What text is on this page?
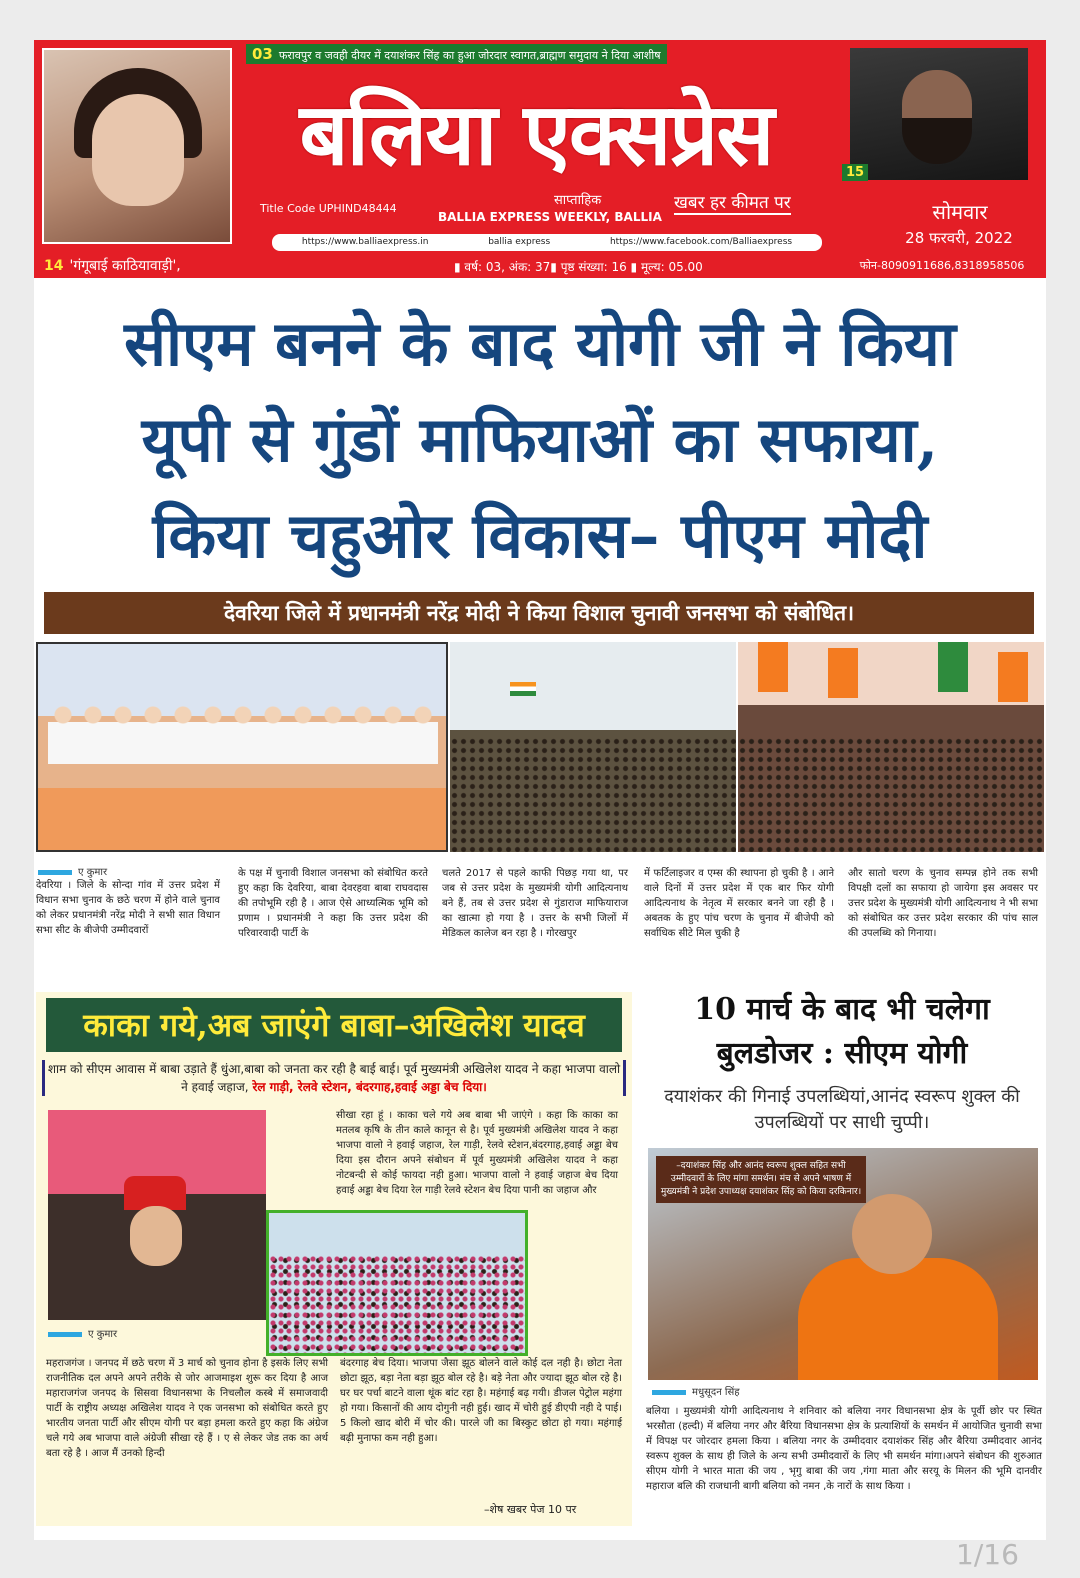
03 फरावपुर व जवही दीयर में दयाशंकर सिंह का हुआ जोरदार स्वागत,ब्राह्मण समुदाय ने दिया आशीष
बलिया एक्सप्रेस
Title Code UPHIND48444
साप्ताहिक
BALLIA EXPRESS WEEKLY, BALLIA
खबर हर कीमत पर
https://www.balliaexpress.in	ballia express	https://www.facebook.com/Balliaexpress
▮ वर्ष: 03, अंक: 37▮ पृष्ठ संख्या: 16 ▮ मूल्य: 05.00
14 'गंगूबाई काठियावाड़ी',
15
सोमवार
28 फरवरी, 2022
फोन-8090911686,8318958506
सीएम बनने के बाद योगी जी ने किया
यूपी से गुंडों माफियाओं का सफाया,
किया चहुओर विकास– पीएम मोदी
देवरिया जिले में प्रधानमंत्री नरेंद्र मोदी ने किया विशाल चुनावी जनसभा को संबोधित।
ए कुमार
देवरिया । जिले के सोन्दा गांव में उत्तर प्रदेश में विधान सभा चुनाव के छठे चरण में होने वाले चुनाव को लेकर प्रधानमंत्री नरेंद्र मोदी ने सभी सात विधान सभा सीट के बीजेपी उम्मीदवारों
के पक्ष में चुनावी विशाल जनसभा को संबोधित करते हुए कहा कि देवरिया, बाबा देवरहवा बाबा राघवदास की तपोभूमि रही है । आज ऐसे आध्यत्मिक भूमि को प्रणाम । प्रधानमंत्री ने कहा कि उत्तर प्रदेश की परिवारवादी पार्टी के
चलते 2017 से पहले काफी पिछड़ गया था, पर जब से उत्तर प्रदेश के मुख्यमंत्री योगी आदित्यनाथ बने हैं, तब से उत्तर प्रदेश से गुंडाराज माफियाराज का खात्मा हो गया है । उत्तर के सभी जिलों में मेडिकल कालेज बन रहा है । गोरखपुर
में फर्टिलाइजर व एम्स की स्थापना हो चुकी है । आने वाले दिनों में उत्तर प्रदेश में एक बार फिर योगी आदित्यनाथ के नेतृत्व में सरकार बनने जा रही है । अबतक के हुए पांच चरण के चुनाव में बीजेपी को सर्वाधिक सीटे मिल चुकी है
और सातो चरण के चुनाव सम्पन्न होने तक सभी विपक्षी दलों का सफाया हो जायेगा इस अवसर पर उत्तर प्रदेश के मुख्यमंत्री योगी आदित्यनाथ ने भी सभा को संबोधित कर उत्तर प्रदेश सरकार की पांच साल की उपलब्धि को गिनाया।
काका गये,अब जाएंगे बाबा–अखिलेश यादव
शाम को सीएम आवास में बाबा उड़ाते हैं धुंआ,बाबा को जनता कर रही है बाई बाई। पूर्व मुख्यमंत्री अखिलेश यादव ने कहा भाजपा वालो ने हवाई जहाज, रेल गाड़ी, रेलवे स्टेशन, बंदरगाह,हवाई अड्डा बेच दिया।
सीखा रहा हूं । काका चले गये अब बाबा भी जाएंगे । कहा कि काका का मतलब कृषि के तीन काले कानून से है। पूर्व मुख्यमंत्री अखिलेश यादव ने कहा भाजपा वालो ने हवाई जहाज, रेल गाड़ी, रेलवे स्टेशन,बंदरगाह,हवाई अड्डा बेच दिया इस दौरान अपने संबोधन में पूर्व मुख्यमंत्री अखिलेश यादव ने कहा नोटबन्दी से कोई फायदा नही हुआ। भाजपा वालो ने हवाई जहाज बेच दिया हवाई अड्डा बेच दिया रेल गाड़ी रेलवे स्टेशन बेच दिया पानी का जहाज और
ए कुमार
महराजगंज । जनपद में छठे चरण में 3 मार्च को चुनाव होना है इसके लिए सभी राजनीतिक दल अपने अपने तरीके से जोर आजमाइश शुरू कर दिया है आज महाराजगंज जनपद के सिसवा विधानसभा के निचलौल कस्बे में समाजवादी पार्टी के राष्ट्रीय अध्यक्ष अखिलेश यादव ने एक जनसभा को संबोधित करते हुए भारतीय जनता पार्टी और सीएम योगी पर बड़ा हमला करते हुए कहा कि अंग्रेज चले गये अब भाजपा वाले अंग्रेजी सीखा रहे हैं । ए से लेकर जेड तक का अर्थ बता रहे है । आज मैं उनको हिन्दी
बंदरगाह बेच दिया। भाजपा जैसा झूठ बोलने वाले कोई दल नही है। छोटा नेता छोटा झूठ, बड़ा नेता बड़ा झूठ बोल रहे है। बड़े नेता और ज्यादा झूठ बोल रहे है। घर घर पर्चा बाटने वाला थूंक बांट रहा है। महंगाई बढ़ गयी। डीजल पेट्रोल महंगा हो गया। किसानों की आय दोगुनी नही हुई। खाद में चोरी हुई डीएपी नही दे पाई। 5 किलो खाद बोरी में चोर की। पारले जी का बिस्कुट छोटा हो गया। महंगाई बढ़ी मुनाफा कम नही हुआ।
–शेष खबर पेज 10 पर
10 मार्च के बाद भी चलेगा
बुलडोजर : सीएम योगी
दयाशंकर की गिनाई उपलब्धियां,आनंद स्वरूप शुक्ल की उपलब्धियों पर साधी चुप्पी।
–दयाशंकर सिंह और आनंद स्वरूप शुक्ल सहित सभी उम्मीदवारों के लिए मांगा समर्थन। मंच से अपने भाषण में मुख्यमंत्री ने प्रदेश उपाध्यक्ष दयाशंकर सिंह को किया दरकिनार।
मधुसूदन सिंह
बलिया । मुख्यमंत्री योगी आदित्यनाथ ने शनिवार को बलिया नगर विधानसभा क्षेत्र के पूर्वी छोर पर स्थित भरसौता (हल्दी) में बलिया नगर और बैरिया विधानसभा क्षेत्र के प्रत्याशियों के समर्थन में आयोजित चुनावी सभा में विपक्ष पर जोरदार हमला किया । बलिया नगर के उम्मीदवार दयाशंकर सिंह और बैरिया उम्मीदवार आनंद स्वरूप शुक्ल के साथ ही जिले के अन्य सभी उम्मीदवारों के लिए भी समर्थन मांगा।अपने संबोधन की शुरुआत सीएम योगी ने भारत माता की जय , भृगु बाबा की जय ,गंगा माता और सरयू के मिलन की भूमि दानवीर महाराज बलि की राजधानी बागी बलिया को नमन ,के नारों के साथ किया ।
1/16
